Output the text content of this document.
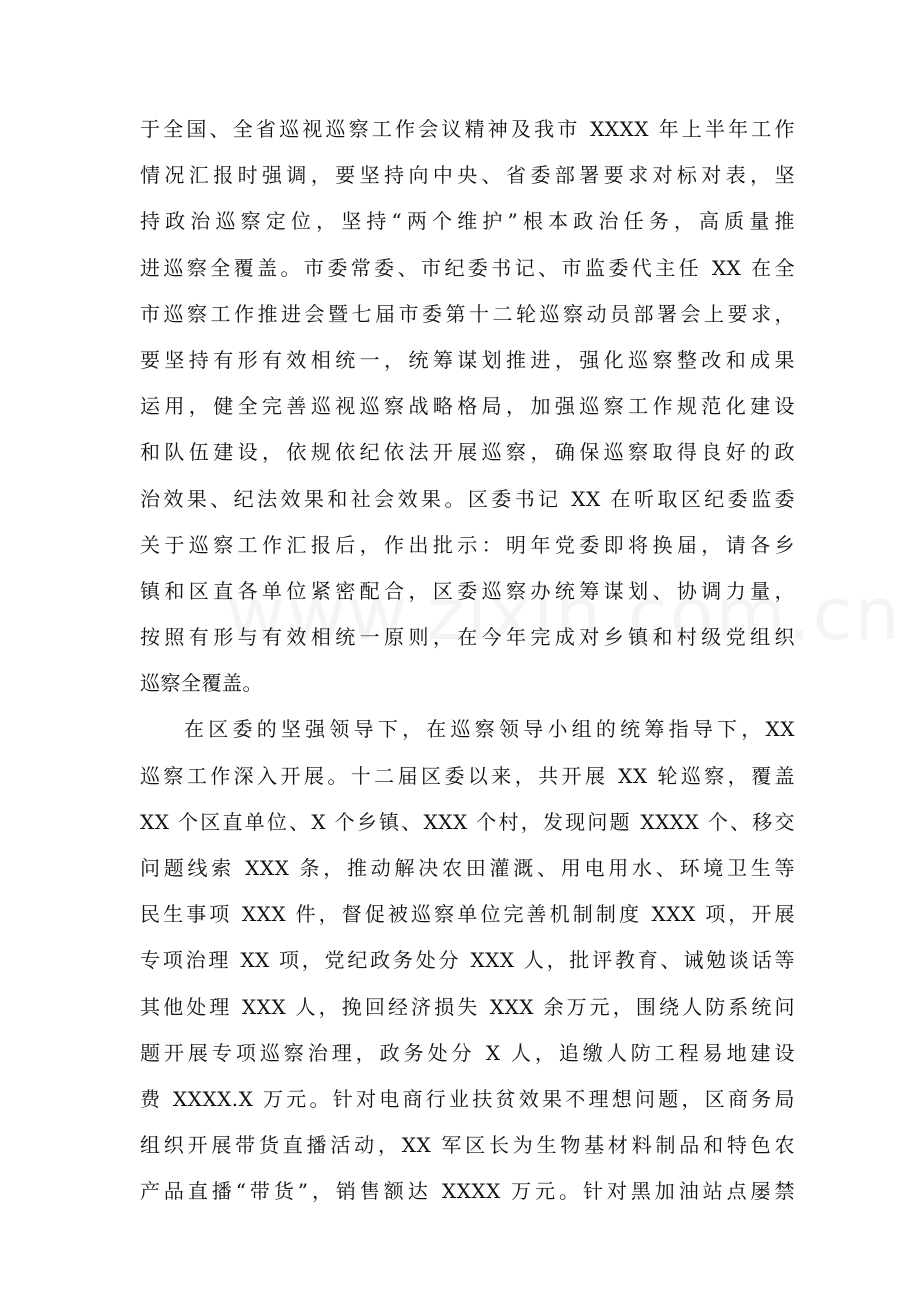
于全国、全省巡视巡察工作会议精神及我市 XXXX 年上半年工作
情况汇报时强调，要坚持向中央、省委部署要求对标对表，坚
持政治巡察定位，坚持“两个维护”根本政治任务，高质量推
进巡察全覆盖。市委常委、市纪委书记、市监委代主任 XX 在全
市巡察工作推进会暨七届市委第十二轮巡察动员部署会上要求，
要坚持有形有效相统一，统筹谋划推进，强化巡察整改和成果
运用，健全完善巡视巡察战略格局，加强巡察工作规范化建设
和队伍建设，依规依纪依法开展巡察，确保巡察取得良好的政
治效果、纪法效果和社会效果。区委书记 XX 在听取区纪委监委
关于巡察工作汇报后，作出批示：明年党委即将换届，请各乡
镇和区直各单位紧密配合，区委巡察办统筹谋划、协调力量，
按照有形与有效相统一原则，在今年完成对乡镇和村级党组织
巡察全覆盖。
在区委的坚强领导下，在巡察领导小组的统筹指导下，XX
巡察工作深入开展。十二届区委以来，共开展 XX 轮巡察，覆盖
XX 个区直单位、X 个乡镇、XXX 个村，发现问题 XXXX 个、移交
问题线索 XXX 条，推动解决农田灌溉、用电用水、环境卫生等
民生事项 XXX 件，督促被巡察单位完善机制制度 XXX 项，开展
专项治理 XX 项，党纪政务处分 XXX 人，批评教育、诫勉谈话等
其他处理 XXX 人，挽回经济损失 XXX 余万元，围绕人防系统问
题开展专项巡察治理，政务处分 X 人，追缴人防工程易地建设
费 XXXX.X 万元。针对电商行业扶贫效果不理想问题，区商务局
组织开展带货直播活动，XX 军区长为生物基材料制品和特色农
产品直播“带货”，销售额达 XXXX 万元。针对黑加油站点屡禁
